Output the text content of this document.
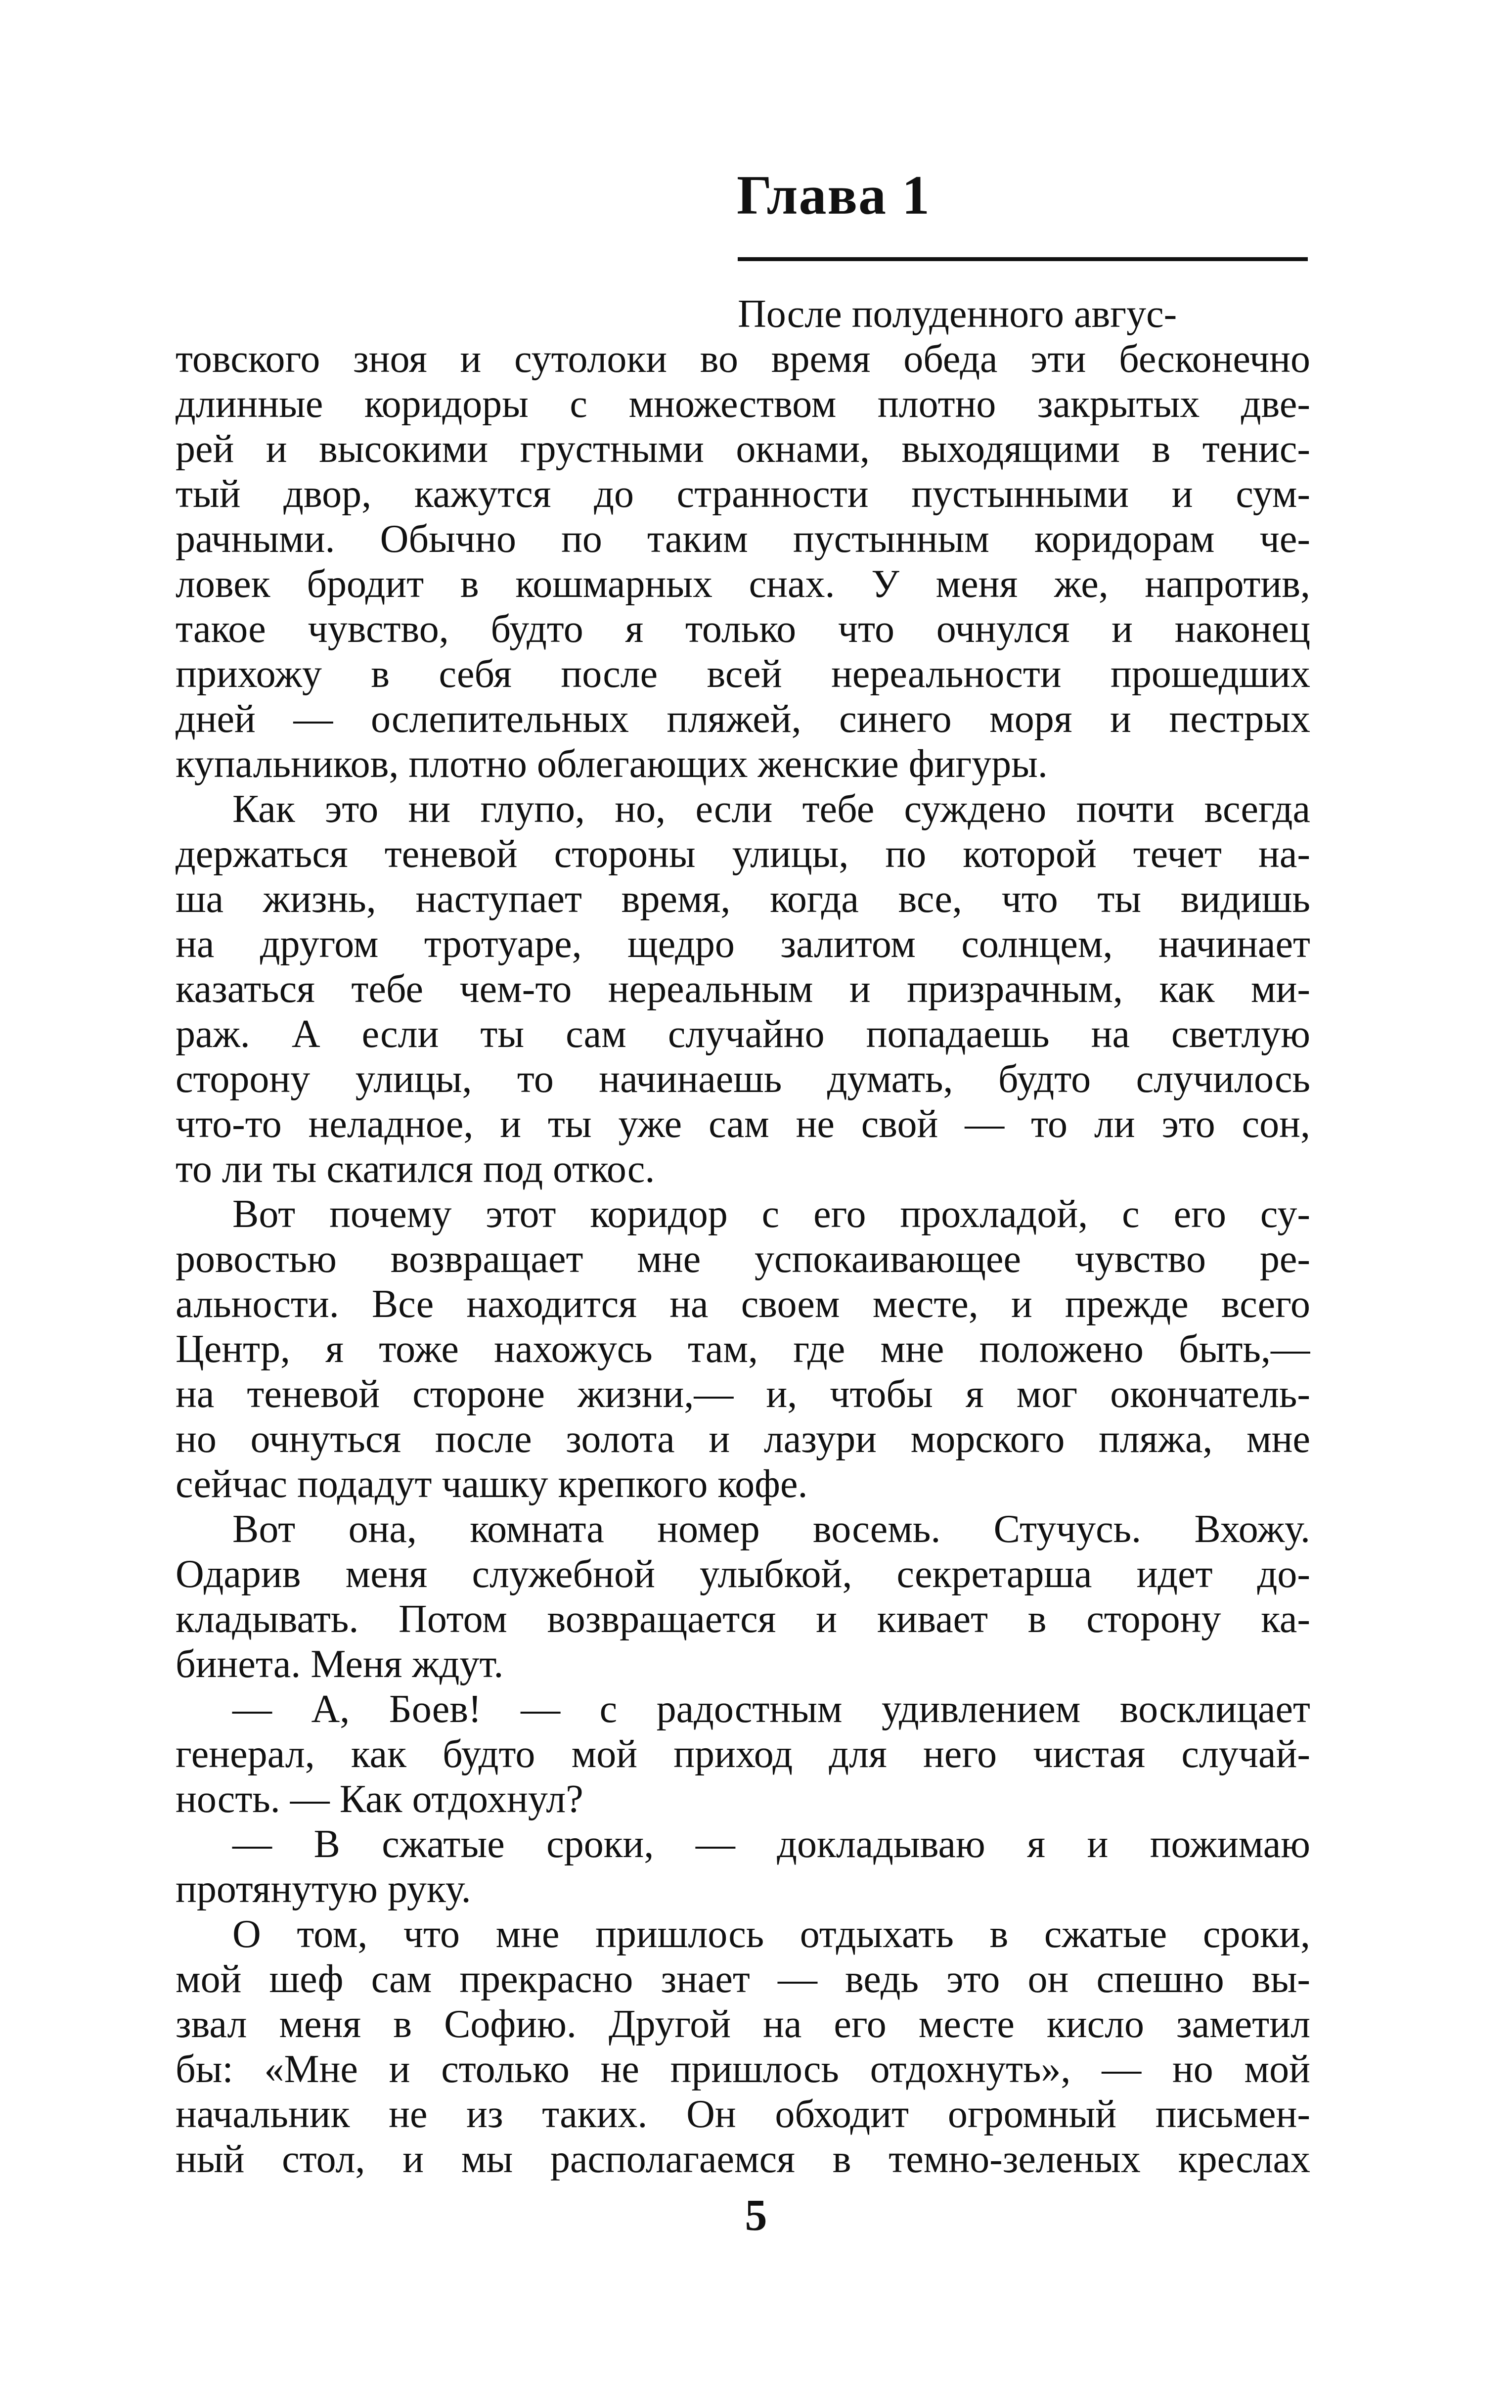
Глава 1
После полуденного авгус-
товского зноя и сутолоки во время обеда эти бесконечно
длинные коридоры с множеством плотно закрытых две-
рей и высокими грустными окнами, выходящими в тенис-
тый двор, кажутся до странности пустынными и сум-
рачными. Обычно по таким пустынным коридорам че-
ловек бродит в кошмарных снах. У меня же, напротив,
такое чувство, будто я только что очнулся и наконец
прихожу в себя после всей нереальности прошедших
дней — ослепительных пляжей, синего моря и пестрых
купальников, плотно облегающих женские фигуры.
Как это ни глупо, но, если тебе суждено почти всегда
держаться теневой стороны улицы, по которой течет на-
ша жизнь, наступает время, когда все, что ты видишь
на другом тротуаре, щедро залитом солнцем, начинает
казаться тебе чем-то нереальным и призрачным, как ми-
раж. А если ты сам случайно попадаешь на светлую
сторону улицы, то начинаешь думать, будто случилось
что-то неладное, и ты уже сам не свой — то ли это сон,
то ли ты скатился под откос.
Вот почему этот коридор с его прохладой, с его су-
ровостью возвращает мне успокаивающее чувство ре-
альности. Все находится на своем месте, и прежде всего
Центр, я тоже нахожусь там, где мне положено быть,—
на теневой стороне жизни,— и, чтобы я мог окончатель-
но очнуться после золота и лазури морского пляжа, мне
сейчас подадут чашку крепкого кофе.
Вот она, комната номер восемь. Стучусь. Вхожу.
Одарив меня служебной улыбкой, секретарша идет до-
кладывать. Потом возвращается и кивает в сторону ка-
бинета. Меня ждут.
— А, Боев! — с радостным удивлением восклицает
генерал, как будто мой приход для него чистая случай-
ность. — Как отдохнул?
— В сжатые сроки, — докладываю я и пожимаю
протянутую руку.
О том, что мне пришлось отдыхать в сжатые сроки,
мой шеф сам прекрасно знает — ведь это он спешно вы-
звал меня в Софию. Другой на его месте кисло заметил
бы: «Мне и столько не пришлось отдохнуть», — но мой
начальник не из таких. Он обходит огромный письмен-
ный стол, и мы располагаемся в темно-зеленых креслах
5
